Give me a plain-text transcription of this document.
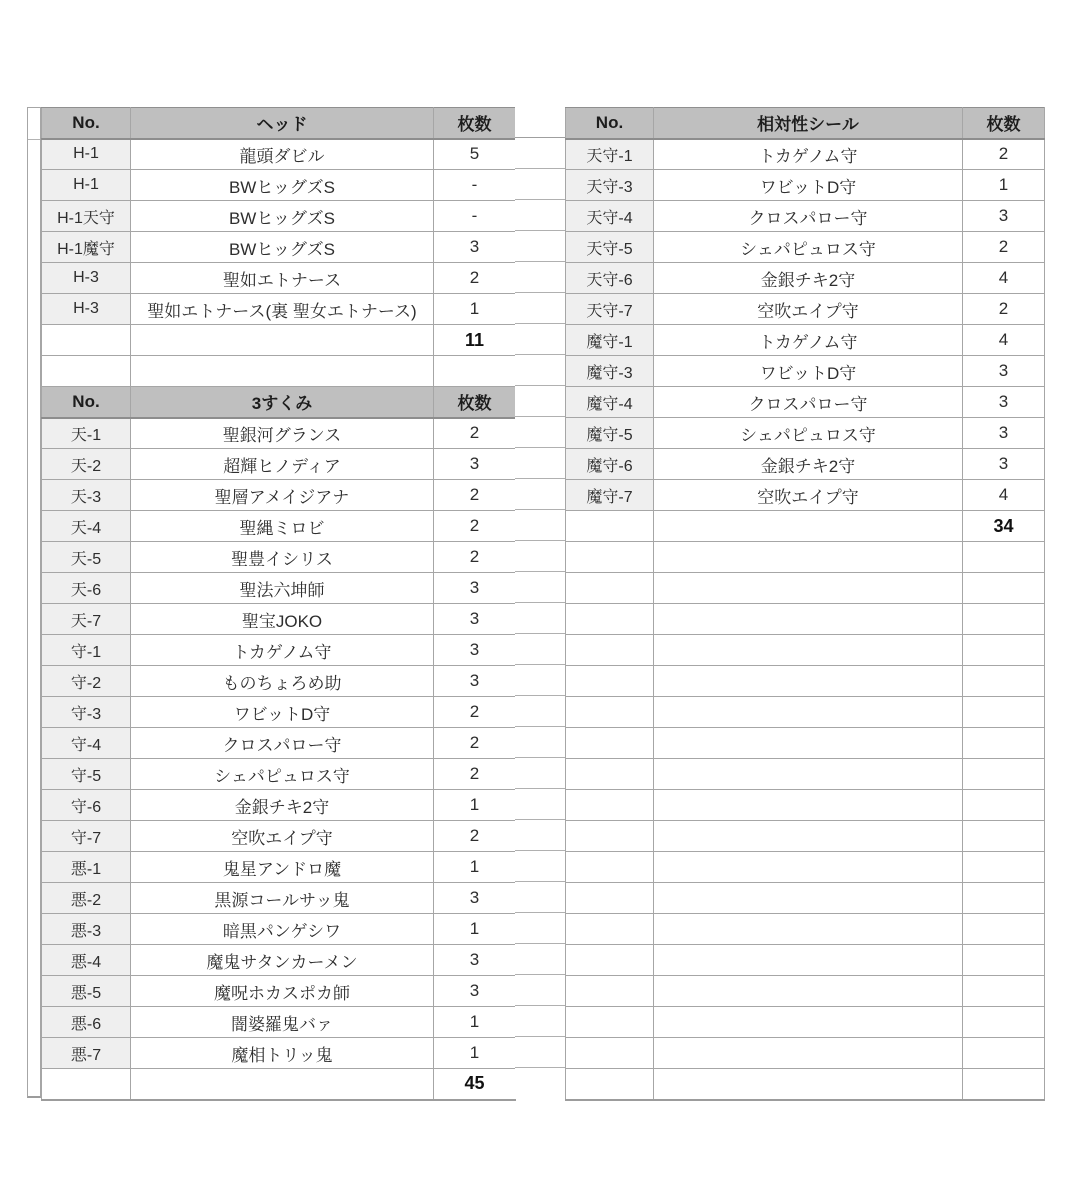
No.	ヘッド	枚数
H-1	龍頭ダビル	5
H-1	BWヒッグズS	-
H-1天守	BWヒッグズS	-
H-1魔守	BWヒッグズS	3
H-3	聖如エトナース	2
H-3	聖如エトナース(裏 聖女エトナース)	1
		11

No.	3すくみ	枚数
天-1	聖銀河グランス	2
天-2	超輝ヒノディア	3
天-3	聖層アメイジアナ	2
天-4	聖縄ミロビ	2
天-5	聖豊イシリス	2
天-6	聖法六坤師	3
天-7	聖宝JOKO	3
守-1	トカゲノム守	3
守-2	ものちょろめ助	3
守-3	ワビットD守	2
守-4	クロスパロー守	2
守-5	シェパピュロス守	2
守-6	金銀チキ2守	1
守-7	空吹エイプ守	2
悪-1	鬼星アンドロ魔	1
悪-2	黒源コールサッ鬼	3
悪-3	暗黒パンゲシワ	1
悪-4	魔鬼サタンカーメン	3
悪-5	魔呪ホカスポカ師	3
悪-6	闇婆羅鬼バァ	1
悪-7	魔相トリッ鬼	1
		45
No.	相対性シール	枚数
天守-1	トカゲノム守	2
天守-3	ワビットD守	1
天守-4	クロスパロー守	3
天守-5	シェパピュロス守	2
天守-6	金銀チキ2守	4
天守-7	空吹エイプ守	2
魔守-1	トカゲノム守	4
魔守-3	ワビットD守	3
魔守-4	クロスパロー守	3
魔守-5	シェパピュロス守	3
魔守-6	金銀チキ2守	3
魔守-7	空吹エイプ守	4
		34
